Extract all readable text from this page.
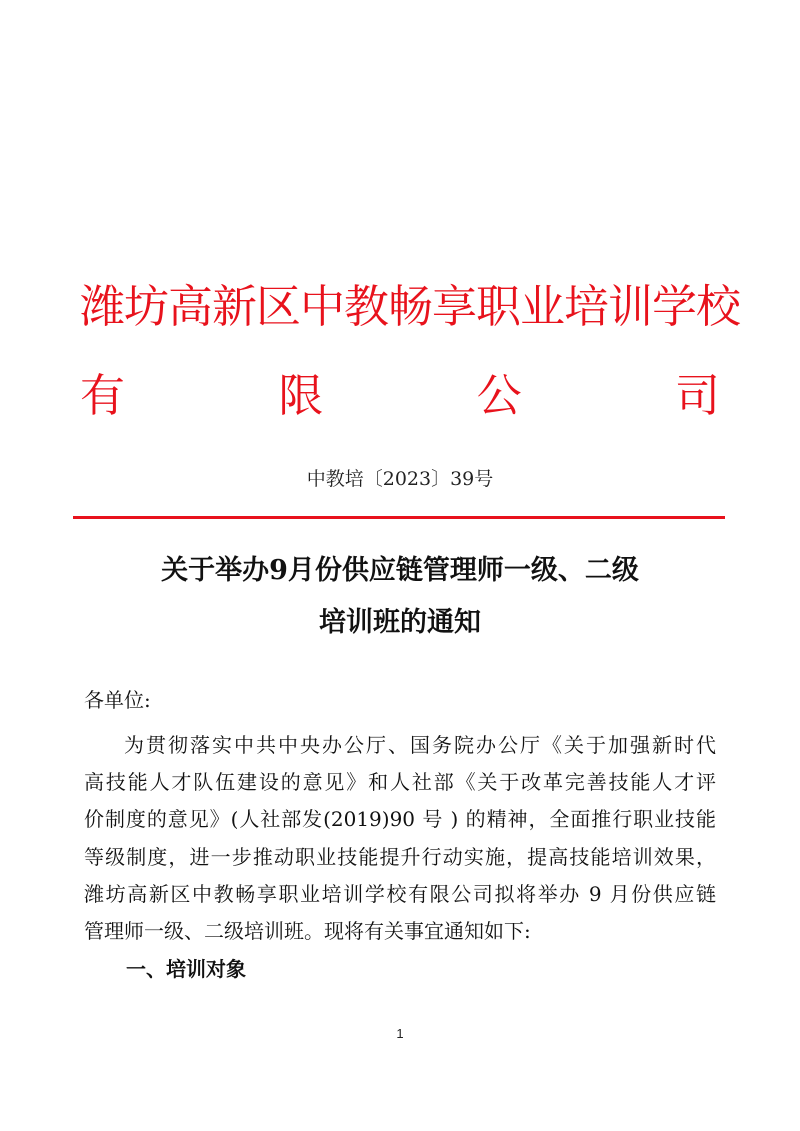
潍坊高新区中教畅享职业培训学校
有	限	公	司
中教培〔2023〕39号
关于举办9月份供应链管理师一级、二级
培训班的通知
各单位:
为贯彻落实中共中央办公厅、国务院办公厅《关于加强新时代
高技能人才队伍建设的意见》和人社部《关于改革完善技能人才评
价制度的意见》(人社部发(2019)90 号 ) 的精神，全面推行职业技能
等级制度，进一步推动职业技能提升行动实施，提高技能培训效果，
潍坊高新区中教畅享职业培训学校有限公司拟将举办 9 月份供应链
管理师一级、二级培训班。现将有关事宜通知如下:
一、培训对象
1
